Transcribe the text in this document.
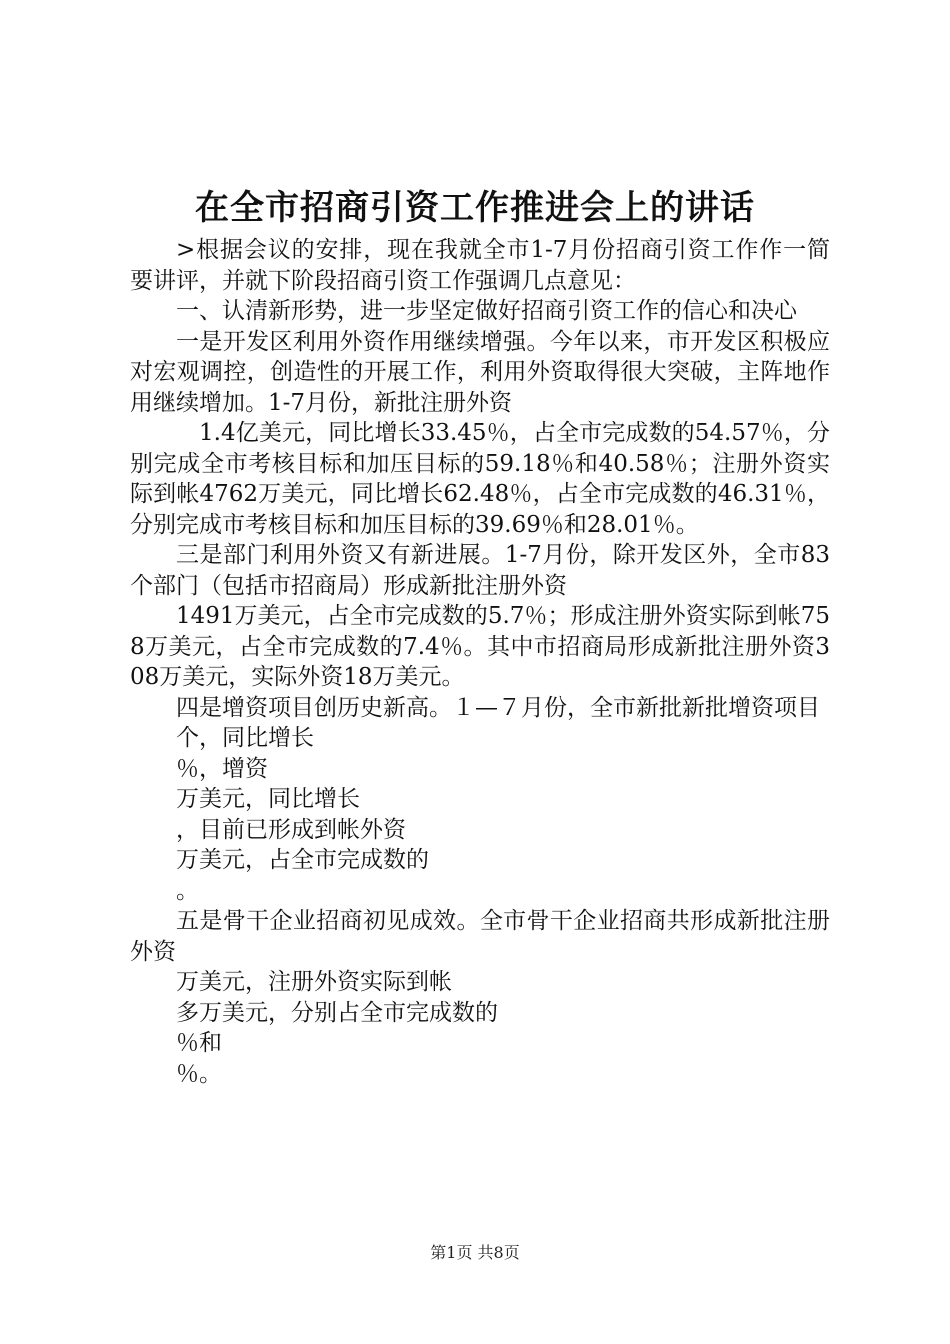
在全市招商引资工作推进会上的讲话

>根据会议的安排，现在我就全市1-7月份招商引资工作作一简要讲评，并就下阶段招商引资工作强调几点意见：

一、认清新形势，进一步坚定做好招商引资工作的信心和决心

一是开发区利用外资作用继续增强。今年以来，市开发区积极应对宏观调控，创造性的开展工作，利用外资取得很大突破，主阵地作用继续增加。1-7月份，新批注册外资

1.4亿美元，同比增长33.45％，占全市完成数的54.57％，分别完成全市考核目标和加压目标的59.18％和40.58％；注册外资实际到帐4762万美元，同比增长62.48％，占全市完成数的46.31％，分别完成市考核目标和加压目标的39.69％和28.01％。

三是部门利用外资又有新进展。1-7月份，除开发区外，全市83个部门（包括市招商局）形成新批注册外资

1491万美元，占全市完成数的5.7％；形成注册外资实际到帐758万美元，占全市完成数的7.4％。其中市招商局形成新批注册外资308万美元，实际外资18万美元。

四是增资项目创历史新高。１—７月份，全市新批新批增资项目

个，同比增长

％，增资

万美元，同比增长

，目前已形成到帐外资

万美元，占全市完成数的

。

五是骨干企业招商初见成效。全市骨干企业招商共形成新批注册外资

万美元，注册外资实际到帐

多万美元，分别占全市完成数的

％和

％。

第1页 共8页
